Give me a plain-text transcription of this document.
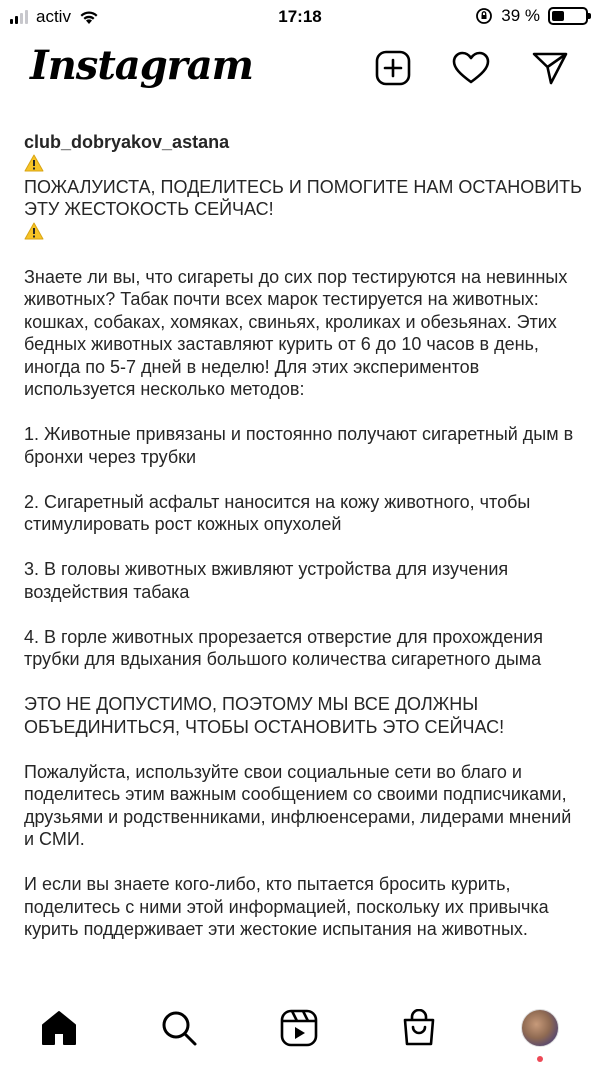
activ	17:18	39 %
Instagram

club_dobryakov_astana

ПОЖАЛУИСТА, ПОДЕЛИТЕСЬ И ПОМОГИТЕ НАМ ОСТАНОВИТЬ ЭТУ ЖЕСТОКОСТЬ СЕЙЧАС!

Знаете ли вы, что сигареты до сих пор тестируются на невинных животных? Табак почти всех марок тестируется на животных: кошках, собаках, хомяках, свиньях, кроликах и обезьянах. Этих бедных животных заставляют курить от 6 до 10 часов в день, иногда по 5-7 дней в неделю! Для этих экспериментов используется несколько методов:

1. Животные привязаны и постоянно получают сигаретный дым в бронхи через трубки

2. Сигаретный асфальт наносится на кожу животного, чтобы стимулировать рост кожных опухолей

3. В головы животных вживляют устройства для изучения воздействия табака

4. В горле животных прорезается отверстие для прохождения трубки для вдыхания большого количества сигаретного дыма

ЭТО НЕ ДОПУСТИМО, ПОЭТОМУ МЫ ВСЕ ДОЛЖНЫ ОБЪЕДИНИТЬСЯ, ЧТОБЫ ОСТАНОВИТЬ ЭТО СЕЙЧАС!

Пожалуйста, используйте свои социальные сети во благо и поделитесь этим важным сообщением со своими подписчиками, друзьями и родственниками, инфлюенсерами, лидерами мнений и СМИ.

И если вы знаете кого-либо, кто пытается бросить курить, поделитесь с ними этой информацией, поскольку их привычка курить поддерживает эти жестокие испытания на животных.
